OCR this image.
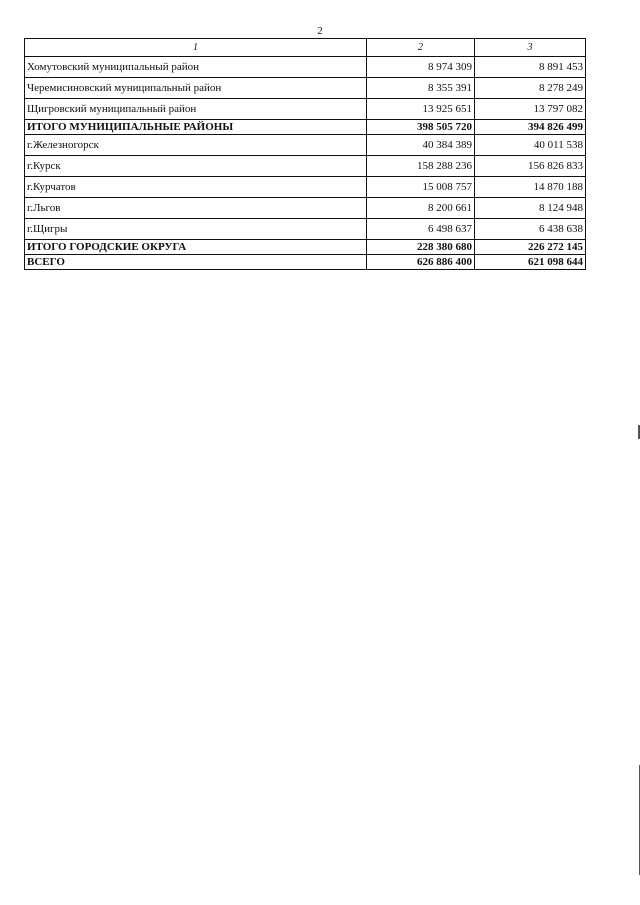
2
1	2	3
Хомутовский муниципальный район	8 974 309	8 891 453
Черемисиновский муниципальный район	8 355 391	8 278 249
Щигровский муниципальный район	13 925 651	13 797 082
ИТОГО МУНИЦИПАЛЬНЫЕ РАЙОНЫ	398 505 720	394 826 499
г.Железногорск	40 384 389	40 011 538
г.Курск	158 288 236	156 826 833
г.Курчатов	15 008 757	14 870 188
г.Льгов	8 200 661	8 124 948
г.Щигры	6 498 637	6 438 638
ИТОГО ГОРОДСКИЕ ОКРУГА	228 380 680	226 272 145
ВСЕГО	626 886 400	621 098 644
